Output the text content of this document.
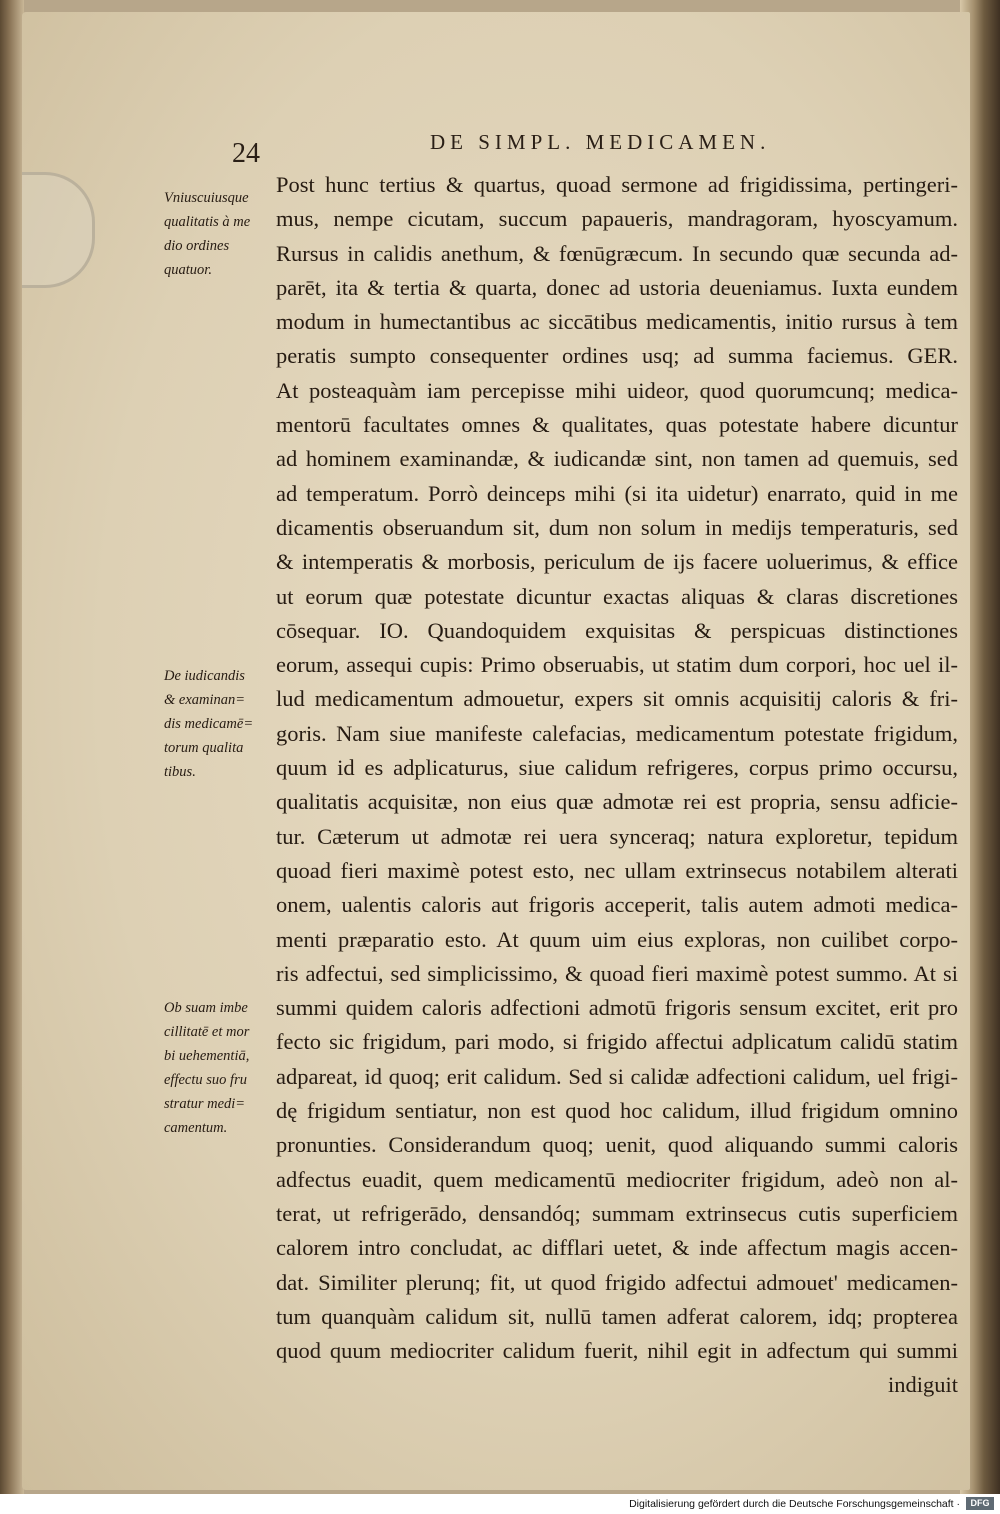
24	DE SIMPL. MEDICAMEN.
Vniuscuiusque
qualitatis à me
dio ordines
quatuor.
De iudicandis
& examinan=
dis medicamē=
torum qualita
tibus.
Ob suam imbe
cillitatē et mor
bi uehementiā,
effectu suo fru
stratur medi=
camentum.
Post hunc tertius & quartus, quoad sermone ad frigidissima, pertingeri-
mus, nempe cicutam, succum papaueris, mandragoram, hyoscyamum.
Rursus in calidis anethum, & fœnūgræcum. In secundo quæ secunda ad-
parēt, ita & tertia & quarta, donec ad ustoria deueniamus. Iuxta eundem
modum in humectantibus ac siccātibus medicamentis, initio rursus à tem
peratis sumpto consequenter ordines usq; ad summa faciemus. GER.
At posteaquàm iam percepisse mihi uideor, quod quorumcunq; medica-
mentorū facultates omnes & qualitates, quas potestate habere dicuntur
ad hominem examinandæ, & iudicandæ sint, non tamen ad quemuis, sed
ad temperatum. Porrò deinceps mihi (si ita uidetur) enarrato, quid in me
dicamentis obseruandum sit, dum non solum in medijs temperaturis, sed
& intemperatis & morbosis, periculum de ijs facere uoluerimus, & effice
ut eorum quæ potestate dicuntur exactas aliquas & claras discretiones
cōsequar. IO. Quandoquidem exquisitas & perspicuas distinctiones
eorum, assequi cupis: Primo obseruabis, ut statim dum corpori, hoc uel il-
lud medicamentum admouetur, expers sit omnis acquisitij caloris & fri-
goris. Nam siue manifeste calefacias, medicamentum potestate frigidum,
quum id es adplicaturus, siue calidum refrigeres, corpus primo occursu,
qualitatis acquisitæ, non eius quæ admotæ rei est propria, sensu adficie-
tur. Cæterum ut admotæ rei uera synceraq; natura exploretur, tepidum
quoad fieri maximè potest esto, nec ullam extrinsecus notabilem alterati
onem, ualentis caloris aut frigoris acceperit, talis autem admoti medica-
menti præparatio esto. At quum uim eius exploras, non cuilibet corpo-
ris adfectui, sed simplicissimo, & quoad fieri maximè potest summo. At si
summi quidem caloris adfectioni admotū frigoris sensum excitet, erit pro
fecto sic frigidum, pari modo, si frigido affectui adplicatum calidū statim
adpareat, id quoq; erit calidum. Sed si calidæ adfectioni calidum, uel frigi-
dę frigidum sentiatur, non est quod hoc calidum, illud frigidum omnino
pronunties. Considerandum quoq; uenit, quod aliquando summi caloris
adfectus euadit, quem medicamentū mediocriter frigidum, adeò non al-
terat, ut refrigerādo, densandóq; summam extrinsecus cutis superficiem
calorem intro concludat, ac difflari uetet, & inde affectum magis accen-
dat. Similiter plerunq; fit, ut quod frigido adfectui admouet' medicamen-
tum quanquàm calidum sit, nullū tamen adferat calorem, idq; propterea
quod quum mediocriter calidum fuerit, nihil egit in adfectum qui summi
indiguit
Digitalisierung gefördert durch die Deutsche Forschungsgemeinschaft ·	DFG
